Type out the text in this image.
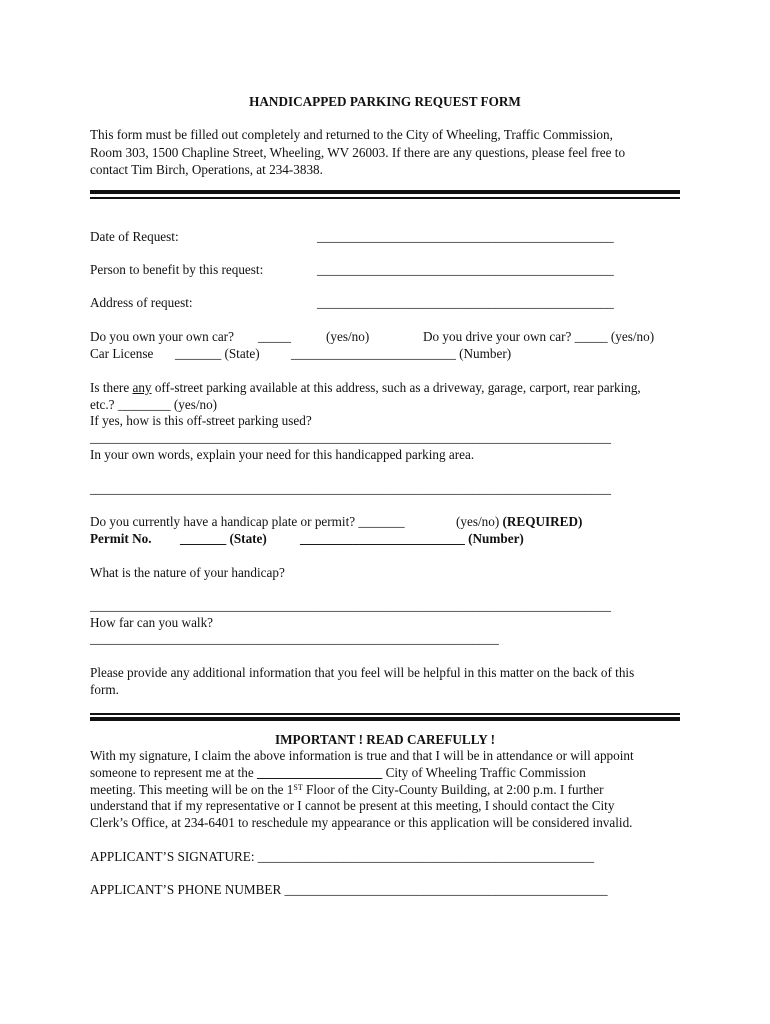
HANDICAPPED PARKING REQUEST FORM
This form must be filled out completely and returned to the City of Wheeling, Traffic Commission,
Room 303, 1500 Chapline Street, Wheeling, WV 26003. If there are any questions, please feel free to
contact Tim Birch, Operations, at 234-3838.
Date of Request:	_____________________________________________
Person to benefit by this request:	_____________________________________________
Address of request:	_____________________________________________
Do you own your own car? _____	(yes/no)	Do you drive your own car? _____ (yes/no)
Car License _______ (State) _________________________ (Number)
Is there any off-street parking available at this address, such as a driveway, garage, carport, rear parking,
etc.? ________ (yes/no)
If yes, how is this off-street parking used?
_______________________________________________________________________________
In your own words, explain your need for this handicapped parking area.
_______________________________________________________________________________
Do you currently have a handicap plate or permit? _______	(yes/no) (REQUIRED)
Permit No. _______ (State)	_________________________ (Number)
What is the nature of your handicap?
_______________________________________________________________________________
How far can you walk?
______________________________________________________________
Please provide any additional information that you feel will be helpful in this matter on the back of this
form.
IMPORTANT ! READ CAREFULLY !
With my signature, I claim the above information is true and that I will be in attendance or will appoint
someone to represent me at the ___________________ City of Wheeling Traffic Commission
meeting. This meeting will be on the 1ST Floor of the City-County Building, at 2:00 p.m. I further
understand that if my representative or I cannot be present at this meeting, I should contact the City
Clerk’s Office, at 234-6401 to reschedule my appearance or this application will be considered invalid.
APPLICANT’S SIGNATURE: ___________________________________________________
APPLICANT’S PHONE NUMBER _________________________________________________
